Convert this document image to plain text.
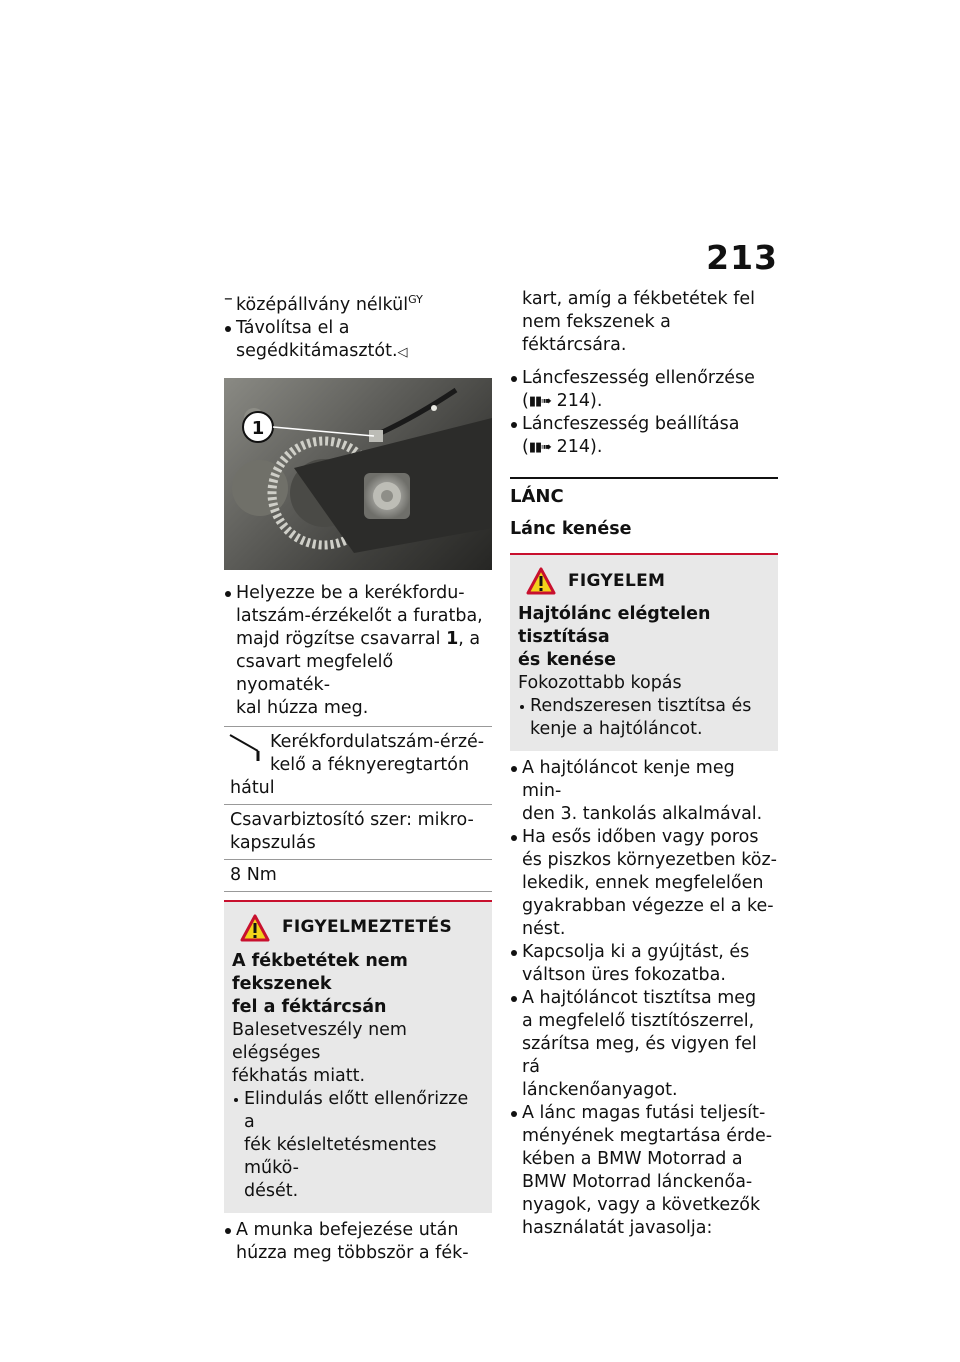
213
– középállvány nélkül$^{GY}$
Távolítsa el a
segédkitámasztót.◁
1
Helyezze be a kerékfordu-
latszám-érzékelőt a furatba,
majd rögzítse csavarral 1, a
csavart megfelelő nyomaték-
kal húzza meg.
Kerékfordulatszám-érzé-
kelő a féknyeregtartón
hátul
Csavarbiztosító szer: mikro-
kapszulás
8 Nm
FIGYELMEZTETÉS
A fékbetétek nem fekszenek
fel a féktárcsán
Balesetveszély nem elégséges
fékhatás miatt.
Elindulás előtt ellenőrizze a
fék késleltetésmentes műkö-
dését.
A munka befejezése után
húzza meg többször a fék-
kart, amíg a fékbetétek fel
nem fekszenek a féktárcsára.
Láncfeszesség ellenőrzése
(▮▮➠ 214).
Láncfeszesség beállítása
(▮▮➠ 214).
LÁNC
Lánc kenése
FIGYELEM
Hajtólánc elégtelen tisztítása
és kenése
Fokozottabb kopás
Rendszeresen tisztítsa és
kenje a hajtóláncot.
A hajtóláncot kenje meg min-
den 3. tankolás alkalmával.
Ha esős időben vagy poros
és piszkos környezetben köz-
lekedik, ennek megfelelően
gyakrabban végezze el a ke-
nést.
Kapcsolja ki a gyújtást, és
váltson üres fokozatba.
A hajtóláncot tisztítsa meg
a megfelelő tisztítószerrel,
szárítsa meg, és vigyen fel rá
lánckenőanyagot.
A lánc magas futási teljesít-
ményének megtartása érde-
kében a BMW Motorrad a
BMW Motorrad lánckenőa-
nyagok, vagy a következők
használatát javasolja:
